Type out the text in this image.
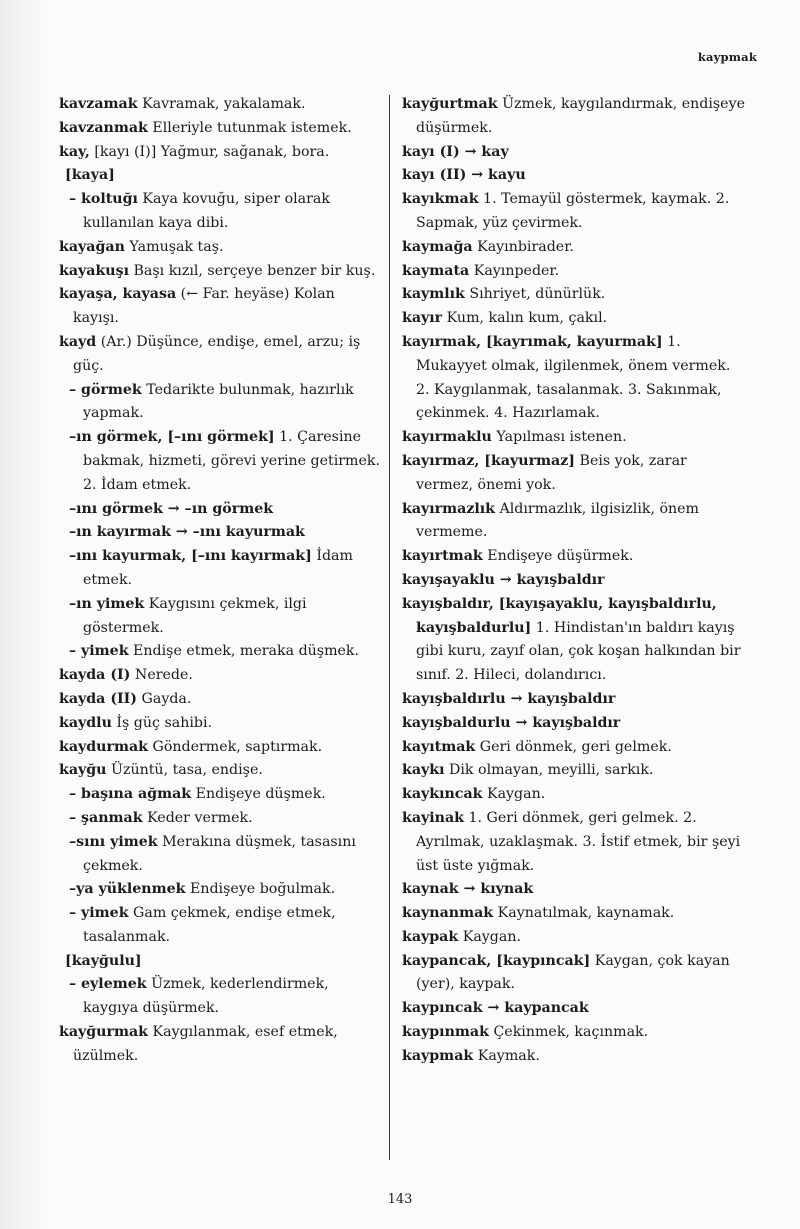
kaypmak

kavzamak Kavramak, yakalamak.

kavzanmak Elleriyle tutunmak istemek.

kay, [kayı (I)] Yağmur, sağanak, bora.

[kaya]

– koltuğı Kaya kovuğu, siper olarak kullanılan kaya dibi.

kayağan Yamuşak taş.

kayakuşı Başı kızıl, serçeye benzer bir kuş.

kayaşa, kayasa (← Far. heyäse) Kolan kayışı.

kayd (Ar.) Düşünce, endişe, emel, arzu; iş güç.

– görmek Tedarikte bulunmak, hazırlık yapmak.

–ın görmek, [–ını görmek] 1. Çaresine bakmak, hizmeti, görevi yerine getirmek. 2. İdam etmek.

–ını görmek → –ın görmek

–ın kayırmak → –ını kayurmak

–ını kayurmak, [–ını kayırmak] İdam etmek.

–ın yimek Kaygısını çekmek, ilgi göstermek.

– yimek Endişe etmek, meraka düşmek.

kayda (I) Nerede.

kayda (II) Gayda.

kaydlu İş güç sahibi.

kaydurmak Göndermek, saptırmak.

kayğu Üzüntü, tasa, endişe.

– başına ağmak Endişeye düşmek.

– şanmak Keder vermek.

–sını yimek Merakına düşmek, tasasını çekmek.

–ya yüklenmek Endişeye boğulmak.

– yimek Gam çekmek, endişe etmek, tasalanmak.

[kayğulu]

– eylemek Üzmek, kederlendirmek, kaygıya düşürmek.

kayğurmak Kaygılanmak, esef etmek, üzülmek.

kayğurtmak Üzmek, kaygılandırmak, endişeye düşürmek.

kayı (I) → kay

kayı (II) → kayu

kayıkmak 1. Temayül göstermek, kaymak. 2. Sapmak, yüz çevirmek.

kaymağa Kayınbirader.

kaymata Kayınpeder.

kaymlık Sıhriyet, dünürlük.

kayır Kum, kalın kum, çakıl.

kayırmak, [kayrımak, kayurmak] 1. Mukayyet olmak, ilgilenmek, önem vermek. 2. Kaygılanmak, tasalanmak. 3. Sakınmak, çekinmek. 4. Hazırlamak.

kayırmaklu Yapılması istenen.

kayırmaz, [kayurmaz] Beis yok, zarar vermez, önemi yok.

kayırmazlık Aldırmazlık, ilgisizlik, önem vermeme.

kayırtmak Endişeye düşürmek.

kayışayaklu → kayışbaldır

kayışbaldır, [kayışayaklu, kayışbaldırlu, kayışbaldurlu] 1. Hindistan'ın baldırı kayış gibi kuru, zayıf olan, çok koşan halkından bir sınıf. 2. Hileci, dolandırıcı.

kayışbaldırlu → kayışbaldır

kayışbaldurlu → kayışbaldır

kayıtmak Geri dönmek, geri gelmek.

kaykı Dik olmayan, meyilli, sarkık.

kaykıncak Kaygan.

kayinak 1. Geri dönmek, geri gelmek. 2. Ayrılmak, uzaklaşmak. 3. İstif etmek, bir şeyi üst üste yığmak.

kaynak → kıynak

kaynanmak Kaynatılmak, kaynamak.

kaypak Kaygan.

kaypancak, [kaypıncak] Kaygan, çok kayan (yer), kaypak.

kaypıncak → kaypancak

kaypınmak Çekinmek, kaçınmak.

kaypmak Kaymak.

143
